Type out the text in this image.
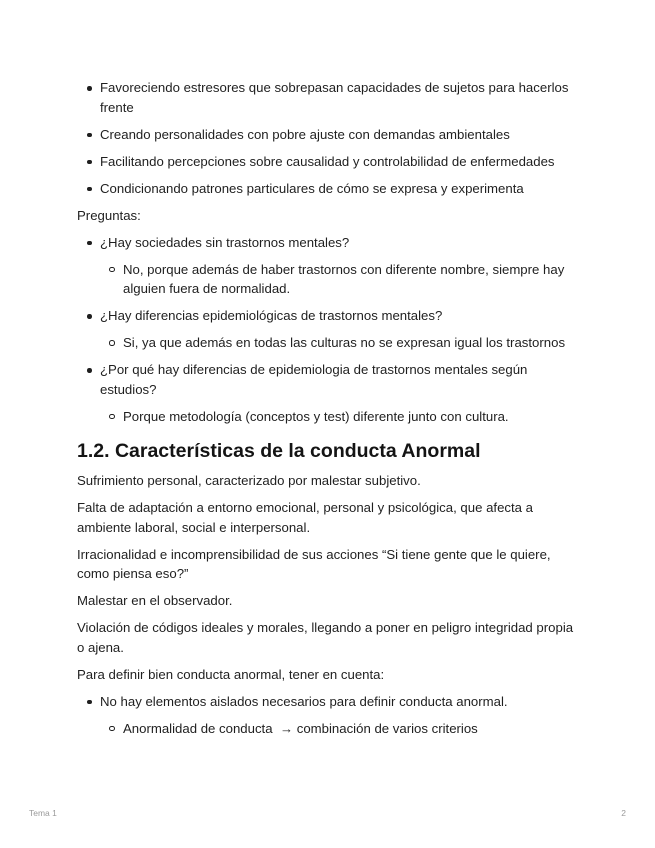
Favoreciendo estresores que sobrepasan capacidades de sujetos para hacerlos frente
Creando personalidades con pobre ajuste con demandas ambientales
Facilitando percepciones sobre causalidad y controlabilidad de enfermedades
Condicionando patrones particulares de cómo se expresa y experimenta

Preguntas:

¿Hay sociedades sin trastornos mentales?
No, porque además de haber trastornos con diferente nombre, siempre hay alguien fuera de normalidad.
¿Hay diferencias epidemiológicas de trastornos mentales?
Si, ya que además en todas las culturas no se expresan igual los trastornos
¿Por qué hay diferencias de epidemiologia de trastornos mentales según estudios?
Porque metodología (conceptos y test) diferente junto con cultura.
1.2. Características de la conducta Anormal

Sufrimiento personal, caracterizado por malestar subjetivo.

Falta de adaptación a entorno emocional, personal y psicológica, que afecta a ambiente laboral, social e interpersonal.

Irracionalidad e incomprensibilidad de sus acciones “Si tiene gente que le quiere, como piensa eso?”

Malestar en el observador.

Violación de códigos ideales y morales, llegando a poner en peligro integridad propia o ajena.

Para definir bien conducta anormal, tener en cuenta:

No hay elementos aislados necesarios para definir conducta anormal.
Anormalidad de conducta  → combinación de varios criterios
Tema 1	2
